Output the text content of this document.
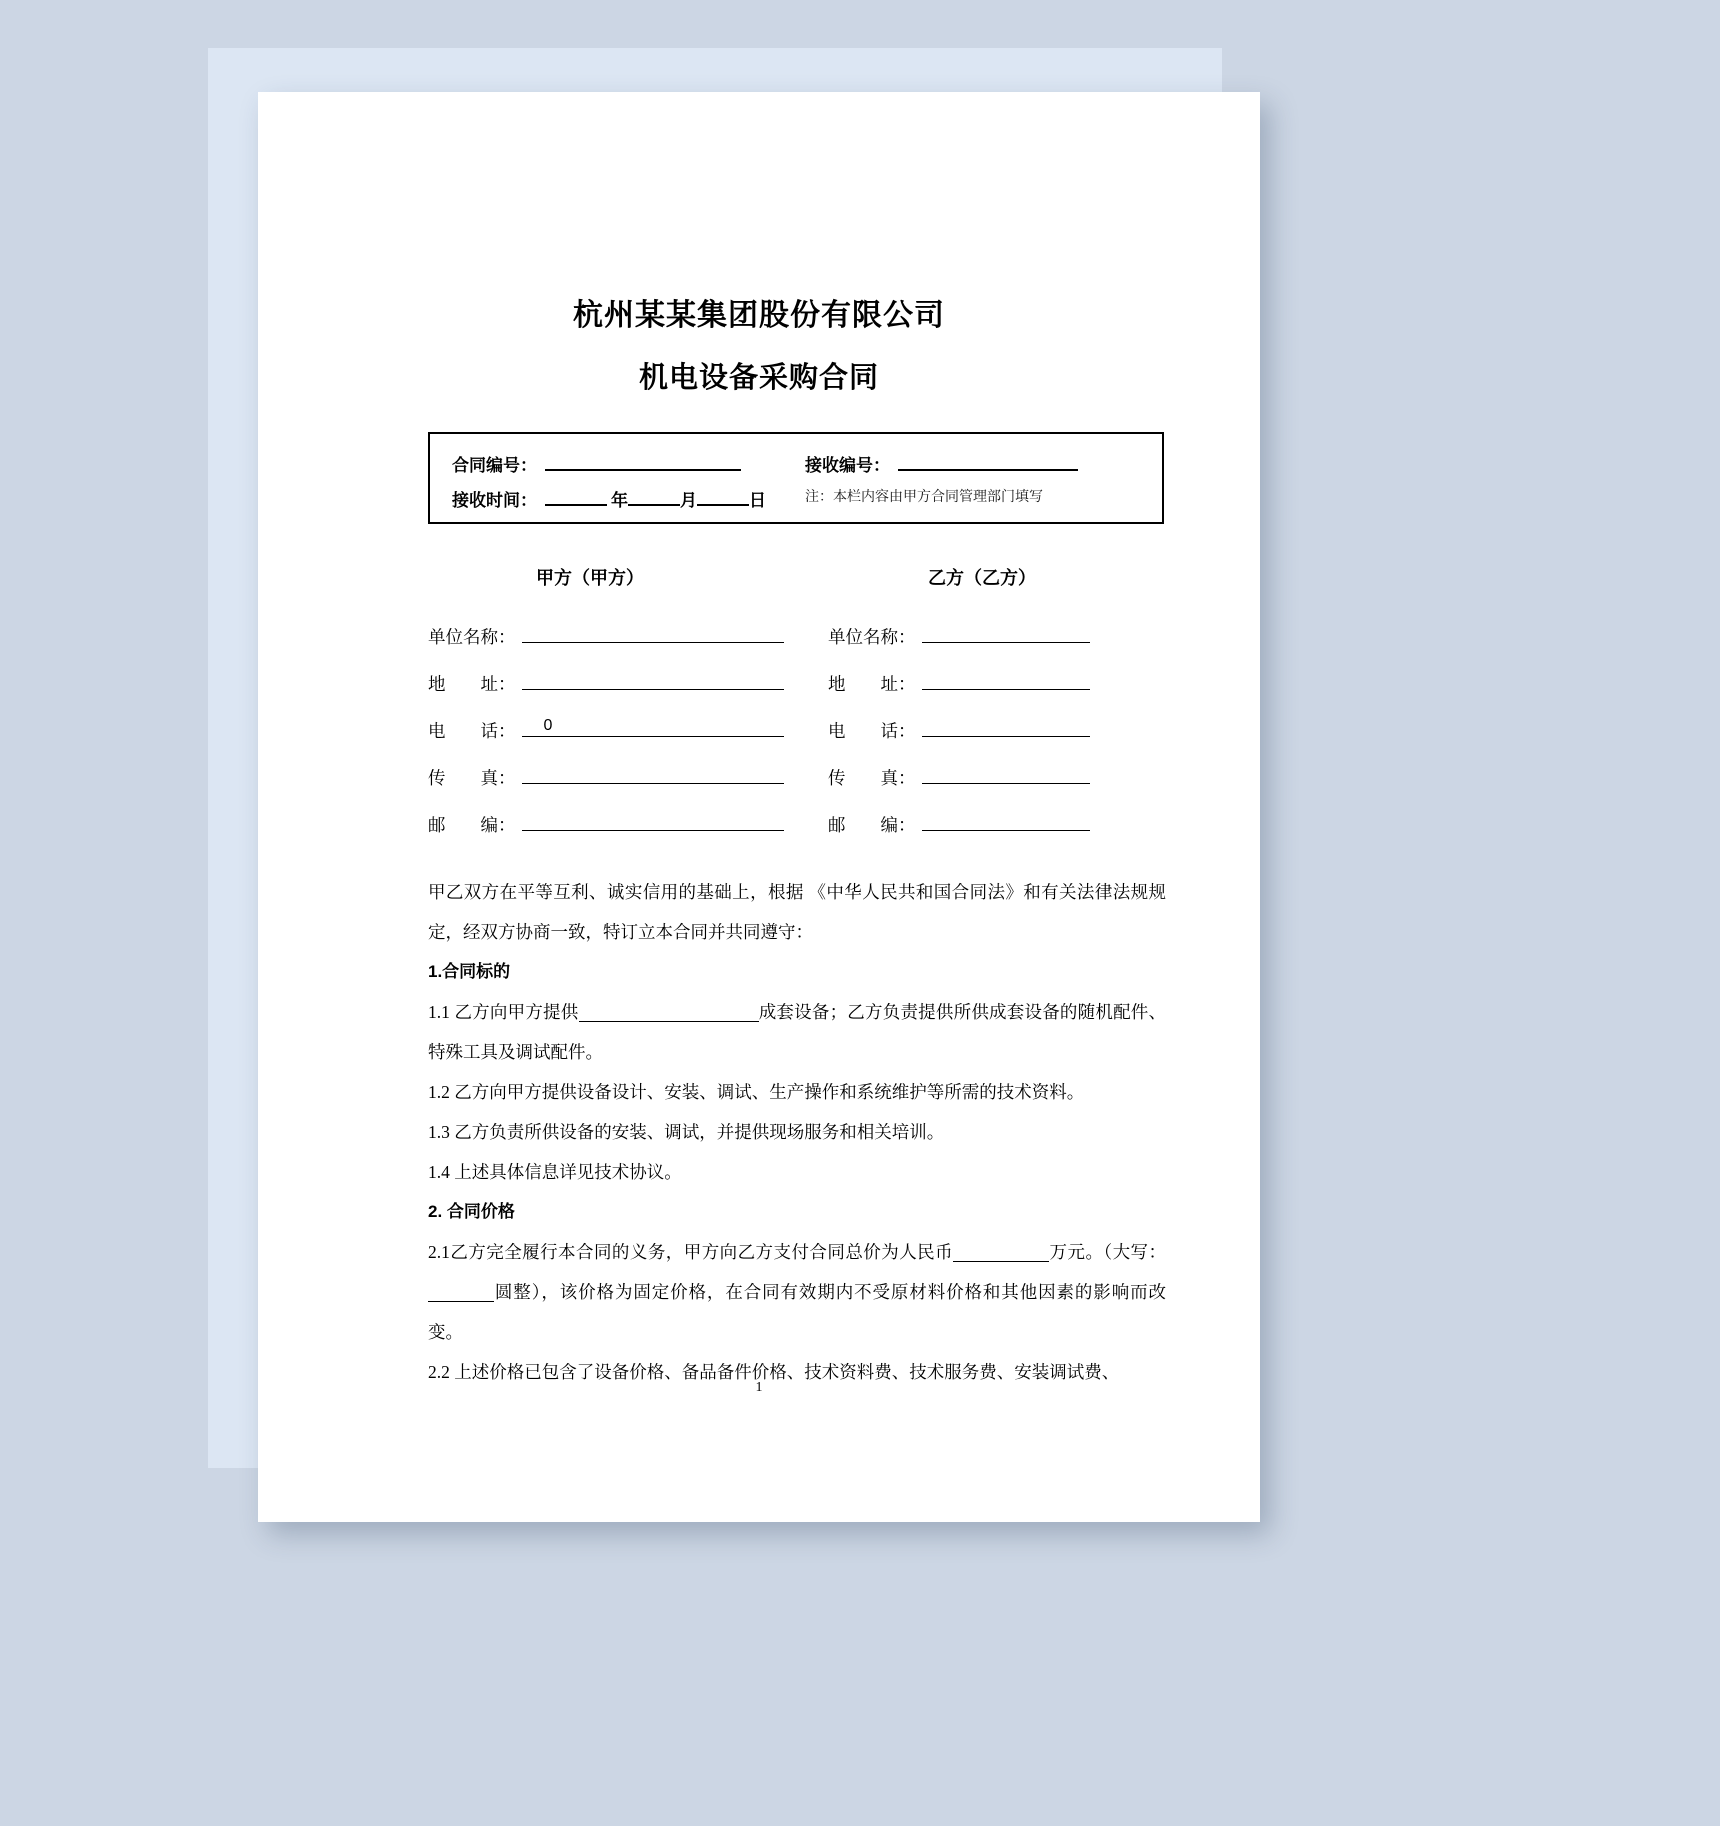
杭州某某集团股份有限公司
机电设备采购合同
合同编号：	接收编号：
接收时间：	年	月	日	注：本栏内容由甲方合同管理部门填写
甲方（甲方）	乙方（乙方）
单位名称：	单位名称：
地　　址：	地　　址：
电　　话： 0	电　　话：
传　　真：	传　　真：
邮　　编：	邮　　编：

甲乙双方在平等互利、诚实信用的基础上，根据 《中华人民共和国合同法》和有关法律法规规定，经双方协商一致，特订立本合同并共同遵守：

1.合同标的

1.1 乙方向甲方提供	成套设备；乙方负责提供所供成套设备的随机配件、特殊工具及调试配件。

1.2 乙方向甲方提供设备设计、安装、调试、生产操作和系统维护等所需的技术资料。

1.3 乙方负责所供设备的安装、调试，并提供现场服务和相关培训。

1.4 上述具体信息详见技术协议。

2. 合同价格

2.1乙方完全履行本合同的义务，甲方向乙方支付合同总价为人民币	万元。（大写：圆整），该价格为固定价格，在合同有效期内不受原材料价格和其他因素的影响而改变。

2.2 上述价格已包含了设备价格、备品备件价格、技术资料费、技术服务费、安装调试费、

1
